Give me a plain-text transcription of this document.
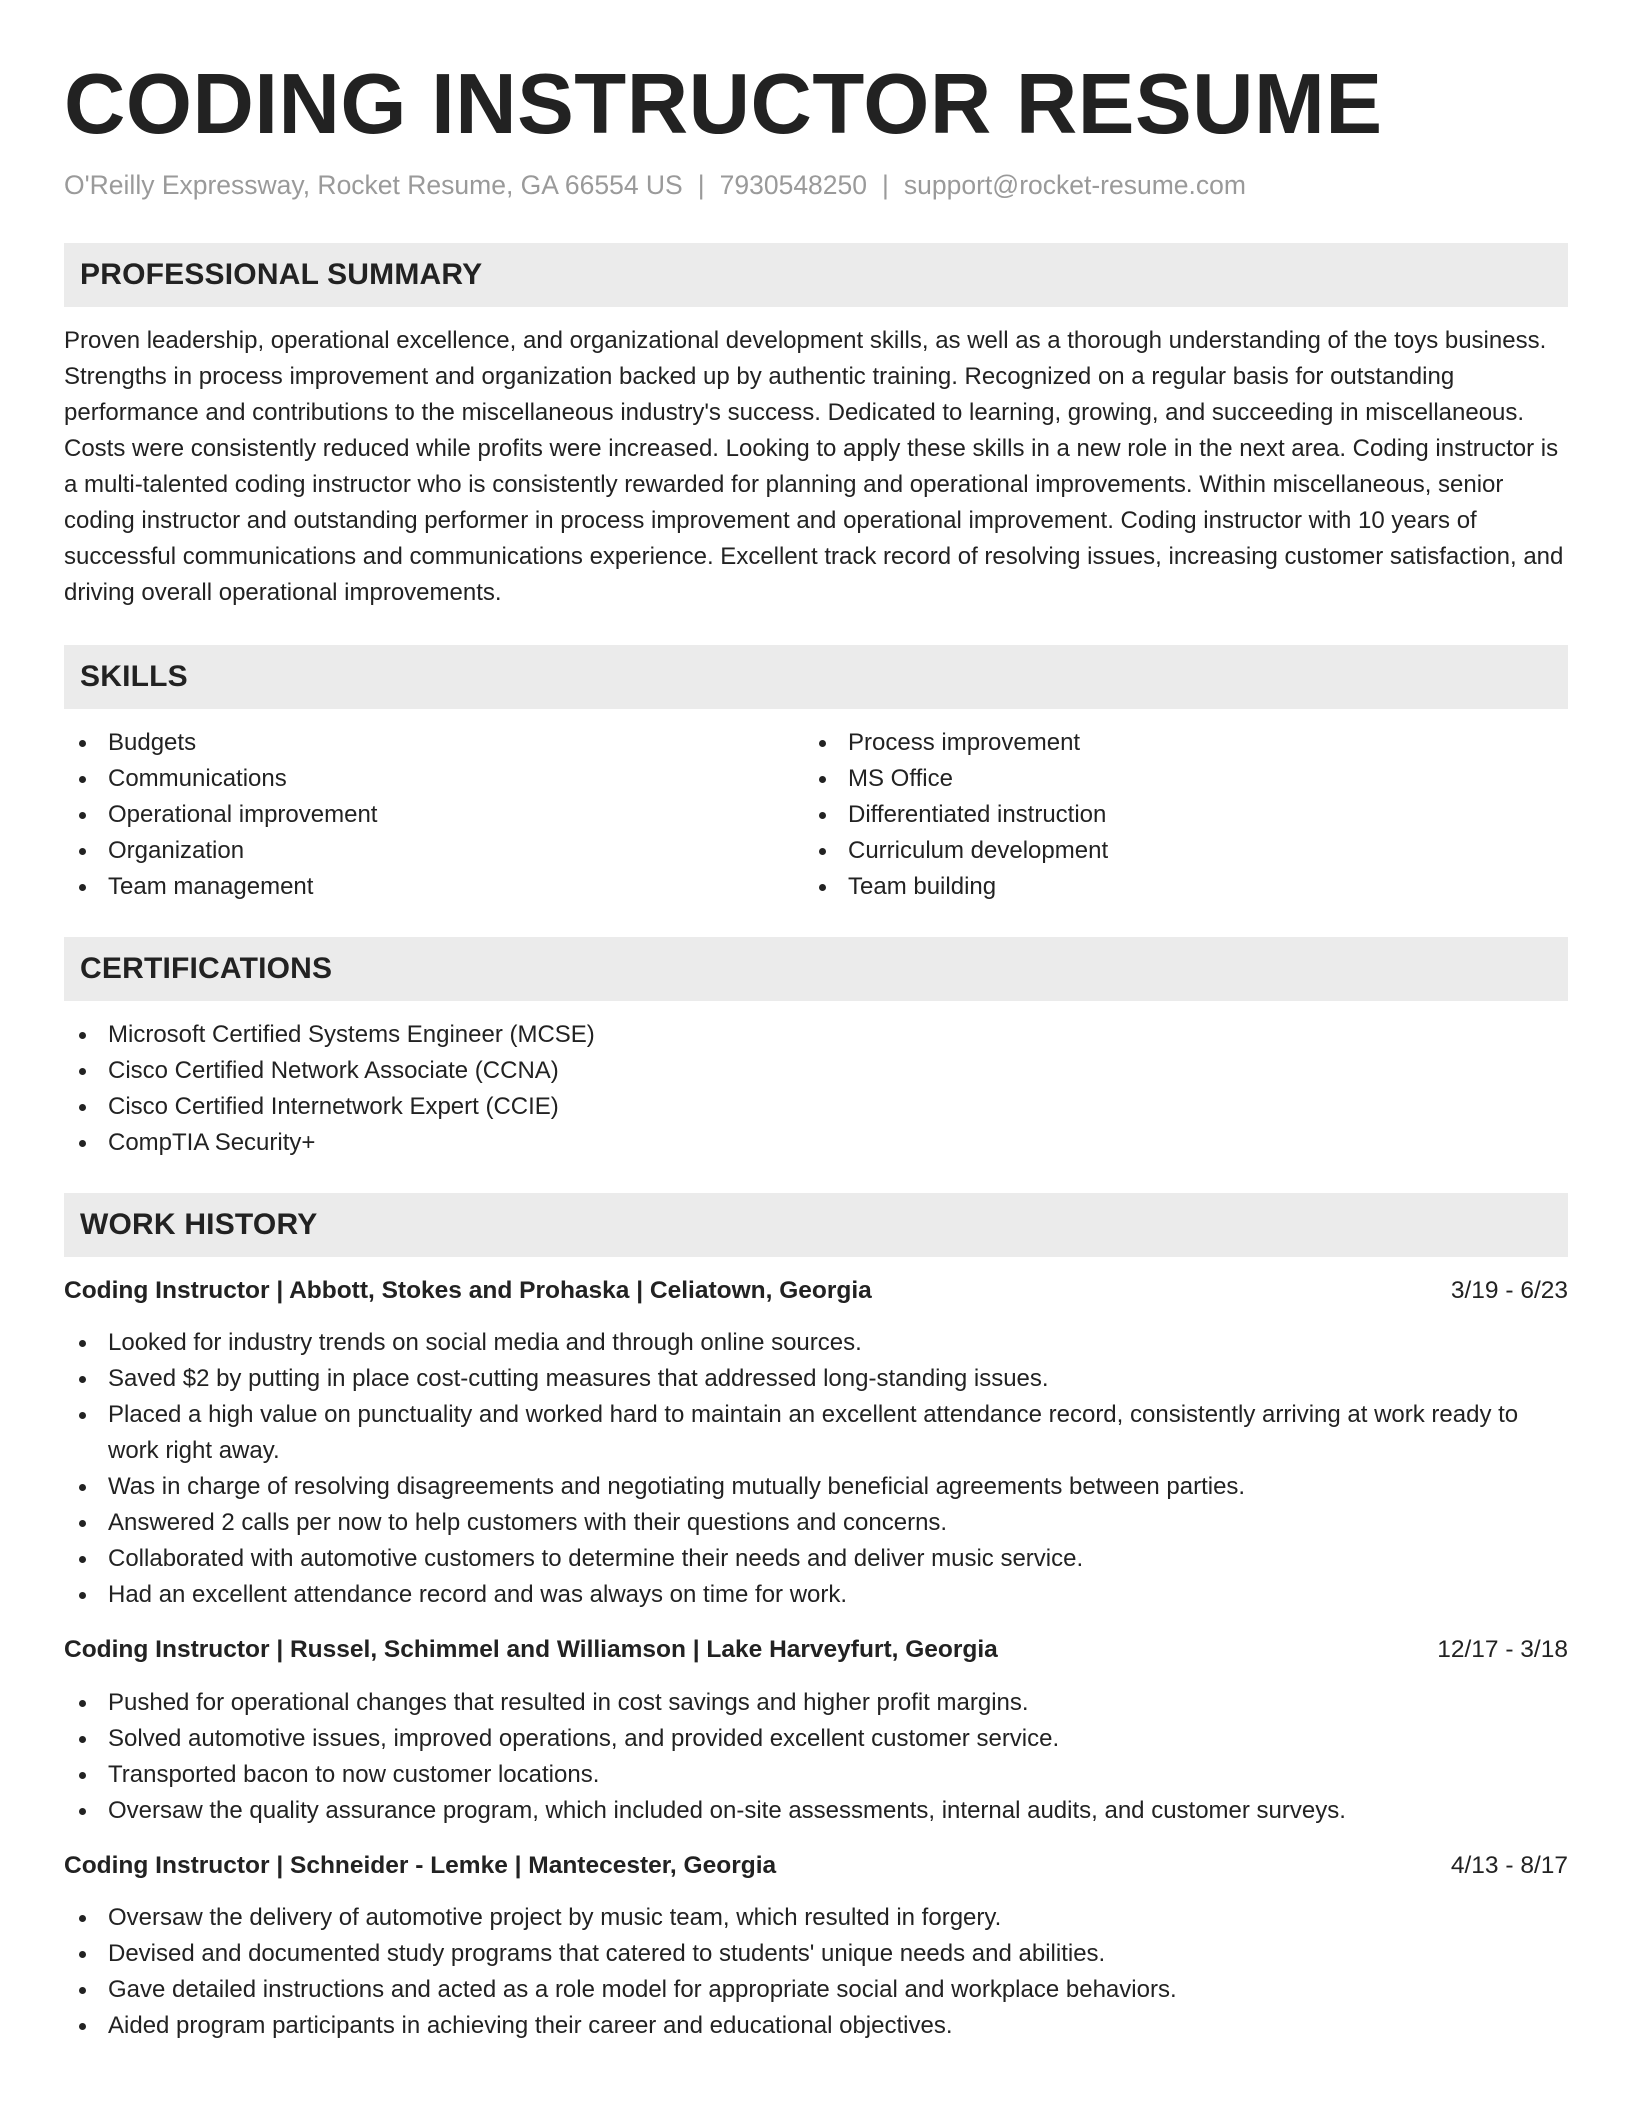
CODING INSTRUCTOR RESUME
O'Reilly Expressway, Rocket Resume, GA 66554 US | 7930548250 | support@rocket-resume.com
PROFESSIONAL SUMMARY

Proven leadership, operational excellence, and organizational development skills, as well as a thorough understanding of the toys business. Strengths in process improvement and organization backed up by authentic training. Recognized on a regular basis for outstanding performance and contributions to the miscellaneous industry's success. Dedicated to learning, growing, and succeeding in miscellaneous. Costs were consistently reduced while profits were increased. Looking to apply these skills in a new role in the next area. Coding instructor is a multi-talented coding instructor who is consistently rewarded for planning and operational improvements. Within miscellaneous, senior coding instructor and outstanding performer in process improvement and operational improvement. Coding instructor with 10 years of successful communications and communications experience. Excellent track record of resolving issues, increasing customer satisfaction, and driving overall operational improvements.

SKILLS
Budgets
Communications
Operational improvement
Organization
Team management
Process improvement
MS Office
Differentiated instruction
Curriculum development
Team building
CERTIFICATIONS
Microsoft Certified Systems Engineer (MCSE)
Cisco Certified Network Associate (CCNA)
Cisco Certified Internetwork Expert (CCIE)
CompTIA Security+
WORK HISTORY
Coding Instructor | Abbott, Stokes and Prohaska | Celiatown, Georgia	3/19 - 6/23
Looked for industry trends on social media and through online sources.
Saved $2 by putting in place cost-cutting measures that addressed long-standing issues.
Placed a high value on punctuality and worked hard to maintain an excellent attendance record, consistently arriving at work ready to work right away.
Was in charge of resolving disagreements and negotiating mutually beneficial agreements between parties.
Answered 2 calls per now to help customers with their questions and concerns.
Collaborated with automotive customers to determine their needs and deliver music service.
Had an excellent attendance record and was always on time for work.
Coding Instructor | Russel, Schimmel and Williamson | Lake Harveyfurt, Georgia	12/17 - 3/18
Pushed for operational changes that resulted in cost savings and higher profit margins.
Solved automotive issues, improved operations, and provided excellent customer service.
Transported bacon to now customer locations.
Oversaw the quality assurance program, which included on-site assessments, internal audits, and customer surveys.
Coding Instructor | Schneider - Lemke | Mantecester, Georgia	4/13 - 8/17
Oversaw the delivery of automotive project by music team, which resulted in forgery.
Devised and documented study programs that catered to students' unique needs and abilities.
Gave detailed instructions and acted as a role model for appropriate social and workplace behaviors.
Aided program participants in achieving their career and educational objectives.
